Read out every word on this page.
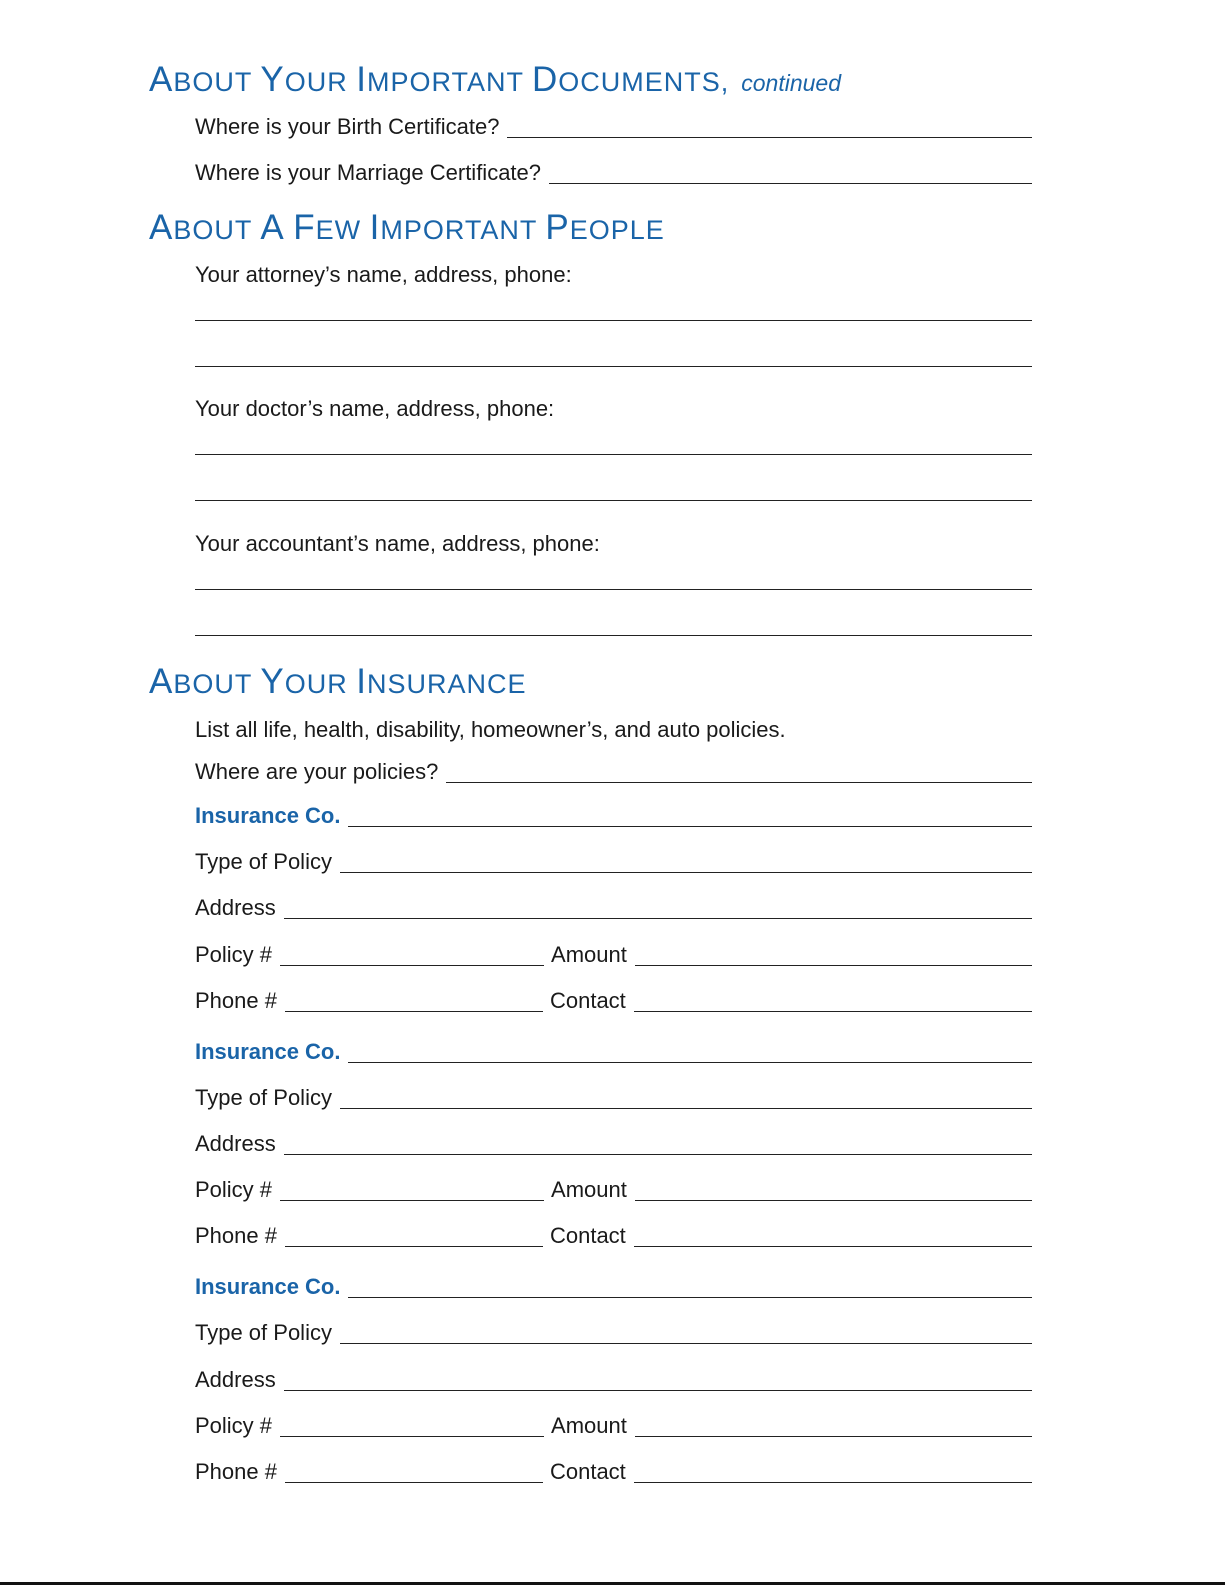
ABOUT YOUR IMPORTANT DOCUMENTS, continued
Where is your Birth Certificate?
Where is your Marriage Certificate?
ABOUT A FEW IMPORTANT PEOPLE
Your attorney’s name, address, phone:
Your doctor’s name, address, phone:
Your accountant’s name, address, phone:
ABOUT YOUR INSURANCE
List all life, health, disability, homeowner’s, and auto policies.
Where are your policies?
Insurance Co.
Type of Policy
Address
Policy #	Amount
Phone #	Contact
Insurance Co.
Type of Policy
Address
Policy #	Amount
Phone #	Contact
Insurance Co.
Type of Policy
Address
Policy #	Amount
Phone #	Contact
